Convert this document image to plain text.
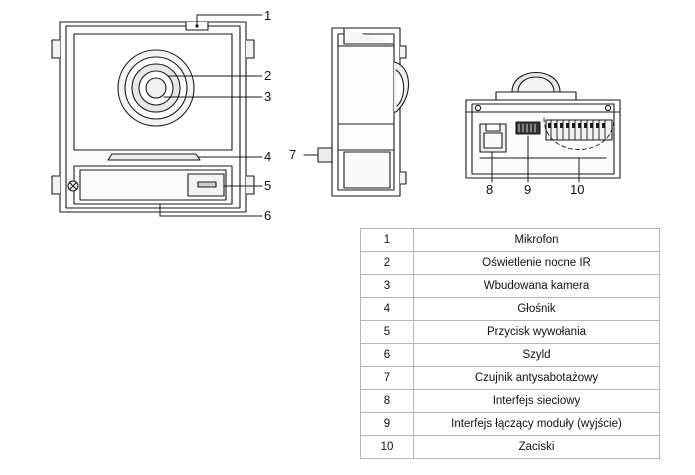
1
2
3
4
5
6
7
8 9	10
1	Mikrofon
2	Oświetlenie nocne IR
3	Wbudowana kamera
4	Głośnik
5	Przycisk wywołania
6	Szyld
7	Czujnik antysabotażowy
8	Interfejs sieciowy
9	Interfejs łączący moduły (wyjście)
10	Zaciski
